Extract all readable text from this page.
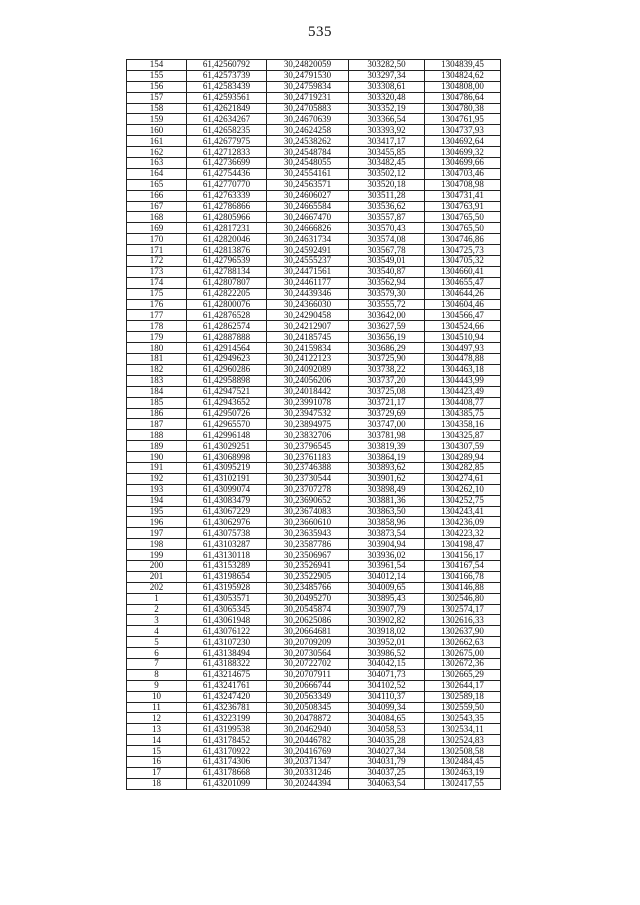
535
154	61,42560792	30,24820059	303282,50	1304839,45
155	61,42573739	30,24791530	303297,34	1304824,62
156	61,42583439	30,24759834	303308,61	1304808,00
157	61,42593561	30,24719231	303320,48	1304786,64
158	61,42621849	30,24705883	303352,19	1304780,38
159	61,42634267	30,24670639	303366,54	1304761,95
160	61,42658235	30,24624258	303393,92	1304737,93
161	61,42677975	30,24538262	303417,17	1304692,64
162	61,42712833	30,24548784	303455,85	1304699,32
163	61,42736699	30,24548055	303482,45	1304699,66
164	61,42754436	30,24554161	303502,12	1304703,46
165	61,42770770	30,24563571	303520,18	1304708,98
166	61,42763339	30,24606027	303511,28	1304731,41
167	61,42786866	30,24665584	303536,62	1304763,91
168	61,42805966	30,24667470	303557,87	1304765,50
169	61,42817231	30,24666826	303570,43	1304765,50
170	61,42820046	30,24631734	303574,08	1304746,86
171	61,42813876	30,24592491	303567,78	1304725,73
172	61,42796539	30,24555237	303549,01	1304705,32
173	61,42788134	30,24471561	303540,87	1304660,41
174	61,42807807	30,24461177	303562,94	1304655,47
175	61,42822205	30,24439346	303579,30	1304644,26
176	61,42800076	30,24366030	303555,72	1304604,46
177	61,42876528	30,24290458	303642,00	1304566,47
178	61,42862574	30,24212907	303627,59	1304524,66
179	61,42887888	30,24185745	303656,19	1304510,94
180	61,42914564	30,24159834	303686,29	1304497,93
181	61,42949623	30,24122123	303725,90	1304478,88
182	61,42960286	30,24092089	303738,22	1304463,18
183	61,42958898	30,24056206	303737,20	1304443,99
184	61,42947521	30,24018442	303725,08	1304423,49
185	61,42943652	30,23991078	303721,17	1304408,77
186	61,42950726	30,23947532	303729,69	1304385,75
187	61,42965570	30,23894975	303747,00	1304358,16
188	61,42996148	30,23832706	303781,98	1304325,87
189	61,43029251	30,23796545	303819,39	1304307,59
190	61,43068998	30,23761183	303864,19	1304289,94
191	61,43095219	30,23746388	303893,62	1304282,85
192	61,43102191	30,23730544	303901,62	1304274,61
193	61,43099074	30,23707278	303898,49	1304262,10
194	61,43083479	30,23690652	303881,36	1304252,75
195	61,43067229	30,23674083	303863,50	1304243,41
196	61,43062976	30,23660610	303858,96	1304236,09
197	61,43075738	30,23635943	303873,54	1304223,32
198	61,43103287	30,23587786	303904,94	1304198,47
199	61,43130118	30,23506967	303936,02	1304156,17
200	61,43153289	30,23526941	303961,54	1304167,54
201	61,43198654	30,23522905	304012,14	1304166,78
202	61,43195928	30,23485766	304009,65	1304146,88
1	61,43053571	30,20495270	303895,43	1302546,80
2	61,43065345	30,20545874	303907,79	1302574,17
3	61,43061948	30,20625086	303902,82	1302616,33
4	61,43076122	30,20664681	303918,02	1302637,90
5	61,43107230	30,20709209	303952,01	1302662,63
6	61,43138494	30,20730564	303986,52	1302675,00
7	61,43188322	30,20722702	304042,15	1302672,36
8	61,43214675	30,20707911	304071,73	1302665,29
9	61,43241761	30,20666744	304102,52	1302644,17
10	61,43247420	30,20563349	304110,37	1302589,18
11	61,43236781	30,20508345	304099,34	1302559,50
12	61,43223199	30,20478872	304084,65	1302543,35
13	61,43199538	30,20462940	304058,53	1302534,11
14	61,43178452	30,20446782	304035,28	1302524,83
15	61,43170922	30,20416769	304027,34	1302508,58
16	61,43174306	30,20371347	304031,79	1302484,45
17	61,43178668	30,20331246	304037,25	1302463,19
18	61,43201099	30,20244394	304063,54	1302417,55
